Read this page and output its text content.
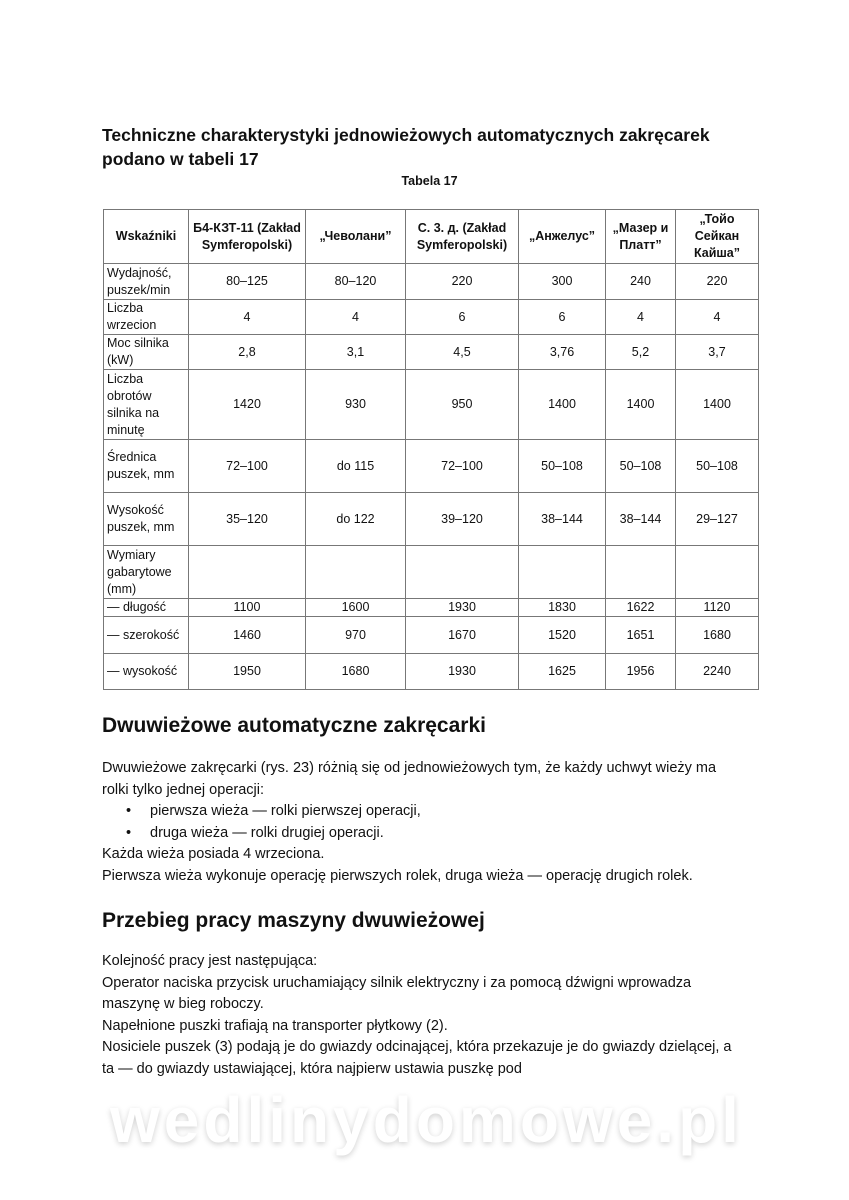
Techniczne charakterystyki jednowieżowych automatycznych zakręcarek podano w tabeli 17
Tabela 17
Wskaźniki	Б4-КЗТ-11 (Zakład Symferopolski)	„Чеволани”	С. 3. д. (Zakład Symferopolski)	„Анжелус”	„Мазер и Платт”	„Тойо Сейкан Кайша”
Wydajność, puszek/min	80–125	80–120	220	300	240	220
Liczba wrzecion	4	4	6	6	4	4
Moc silnika (kW)	2,8	3,1	4,5	3,76	5,2	3,7
Liczba obrotów silnika na minutę	1420	930	950	1400	1400	1400
Średnica puszek, mm	72–100	do 115	72–100	50–108	50–108	50–108
Wysokość puszek, mm	35–120	do 122	39–120	38–144	38–144	29–127
Wymiary gabarytowe (mm)						
— długość	1100	1600	1930	1830	1622	1120
— szerokość	1460	970	1670	1520	1651	1680
— wysokość	1950	1680	1930	1625	1956	2240
Dwuwieżowe automatyczne zakręcarki
Dwuwieżowe zakręcarki (rys. 23) różnią się od jednowieżowych tym, że każdy uchwyt wieży ma rolki tylko jednej operacji:
• pierwsza wieża — rolki pierwszej operacji,
• druga wieża — rolki drugiej operacji.
Każda wieża posiada 4 wrzeciona.
Pierwsza wieża wykonuje operację pierwszych rolek, druga wieża — operację drugich rolek.
Przebieg pracy maszyny dwuwieżowej
Kolejność pracy jest następująca:
Operator naciska przycisk uruchamiający silnik elektryczny i za pomocą dźwigni wprowadza maszynę w bieg roboczy.
Napełnione puszki trafiają na transporter płytkowy (2).
Nosiciele puszek (3) podają je do gwiazdy odcinającej, która przekazuje je do gwiazdy dzielącej, a ta — do gwiazdy ustawiającej, która najpierw ustawia puszkę pod
wedlinydomowe.pl
